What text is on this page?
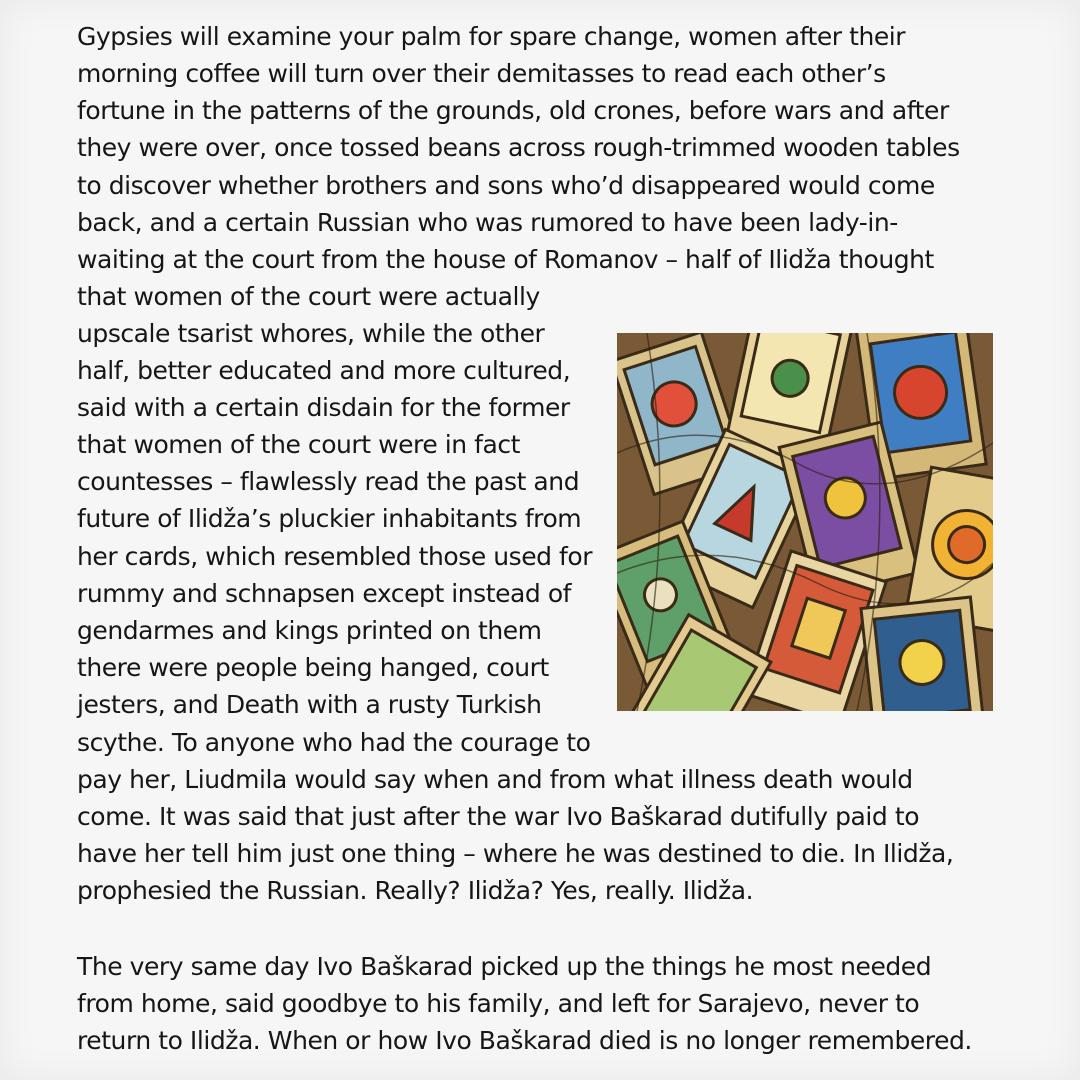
Gypsies will examine your palm for spare change, women after their
morning coffee will turn over their demitasses to read each other’s
fortune in the patterns of the grounds, old crones, before wars and after
they were over, once tossed beans across rough-trimmed wooden tables
to discover whether brothers and sons who’d disappeared would come
back, and a certain Russian who was rumored to have been lady-in-
waiting at the court from the house of Romanov – half of Ilidža thought
that women of the court were actually
upscale tsarist whores, while the other
half, better educated and more cultured,
said with a certain disdain for the former
that women of the court were in fact
countesses – flawlessly read the past and
future of Ilidža’s pluckier inhabitants from
her cards, which resembled those used for
rummy and schnapsen except instead of
gendarmes and kings printed on them
there were people being hanged, court
jesters, and Death with a rusty Turkish
scythe. To anyone who had the courage to
pay her, Liudmila would say when and from what illness death would
come. It was said that just after the war Ivo Baškarad dutifully paid to
have her tell him just one thing – where he was destined to die. In Ilidža,
prophesied the Russian. Really? Ilidža? Yes, really. Ilidža.
The very same day Ivo Baškarad picked up the things he most needed
from home, said goodbye to his family, and left for Sarajevo, never to
return to Ilidža. When or how Ivo Baškarad died is no longer remembered.
